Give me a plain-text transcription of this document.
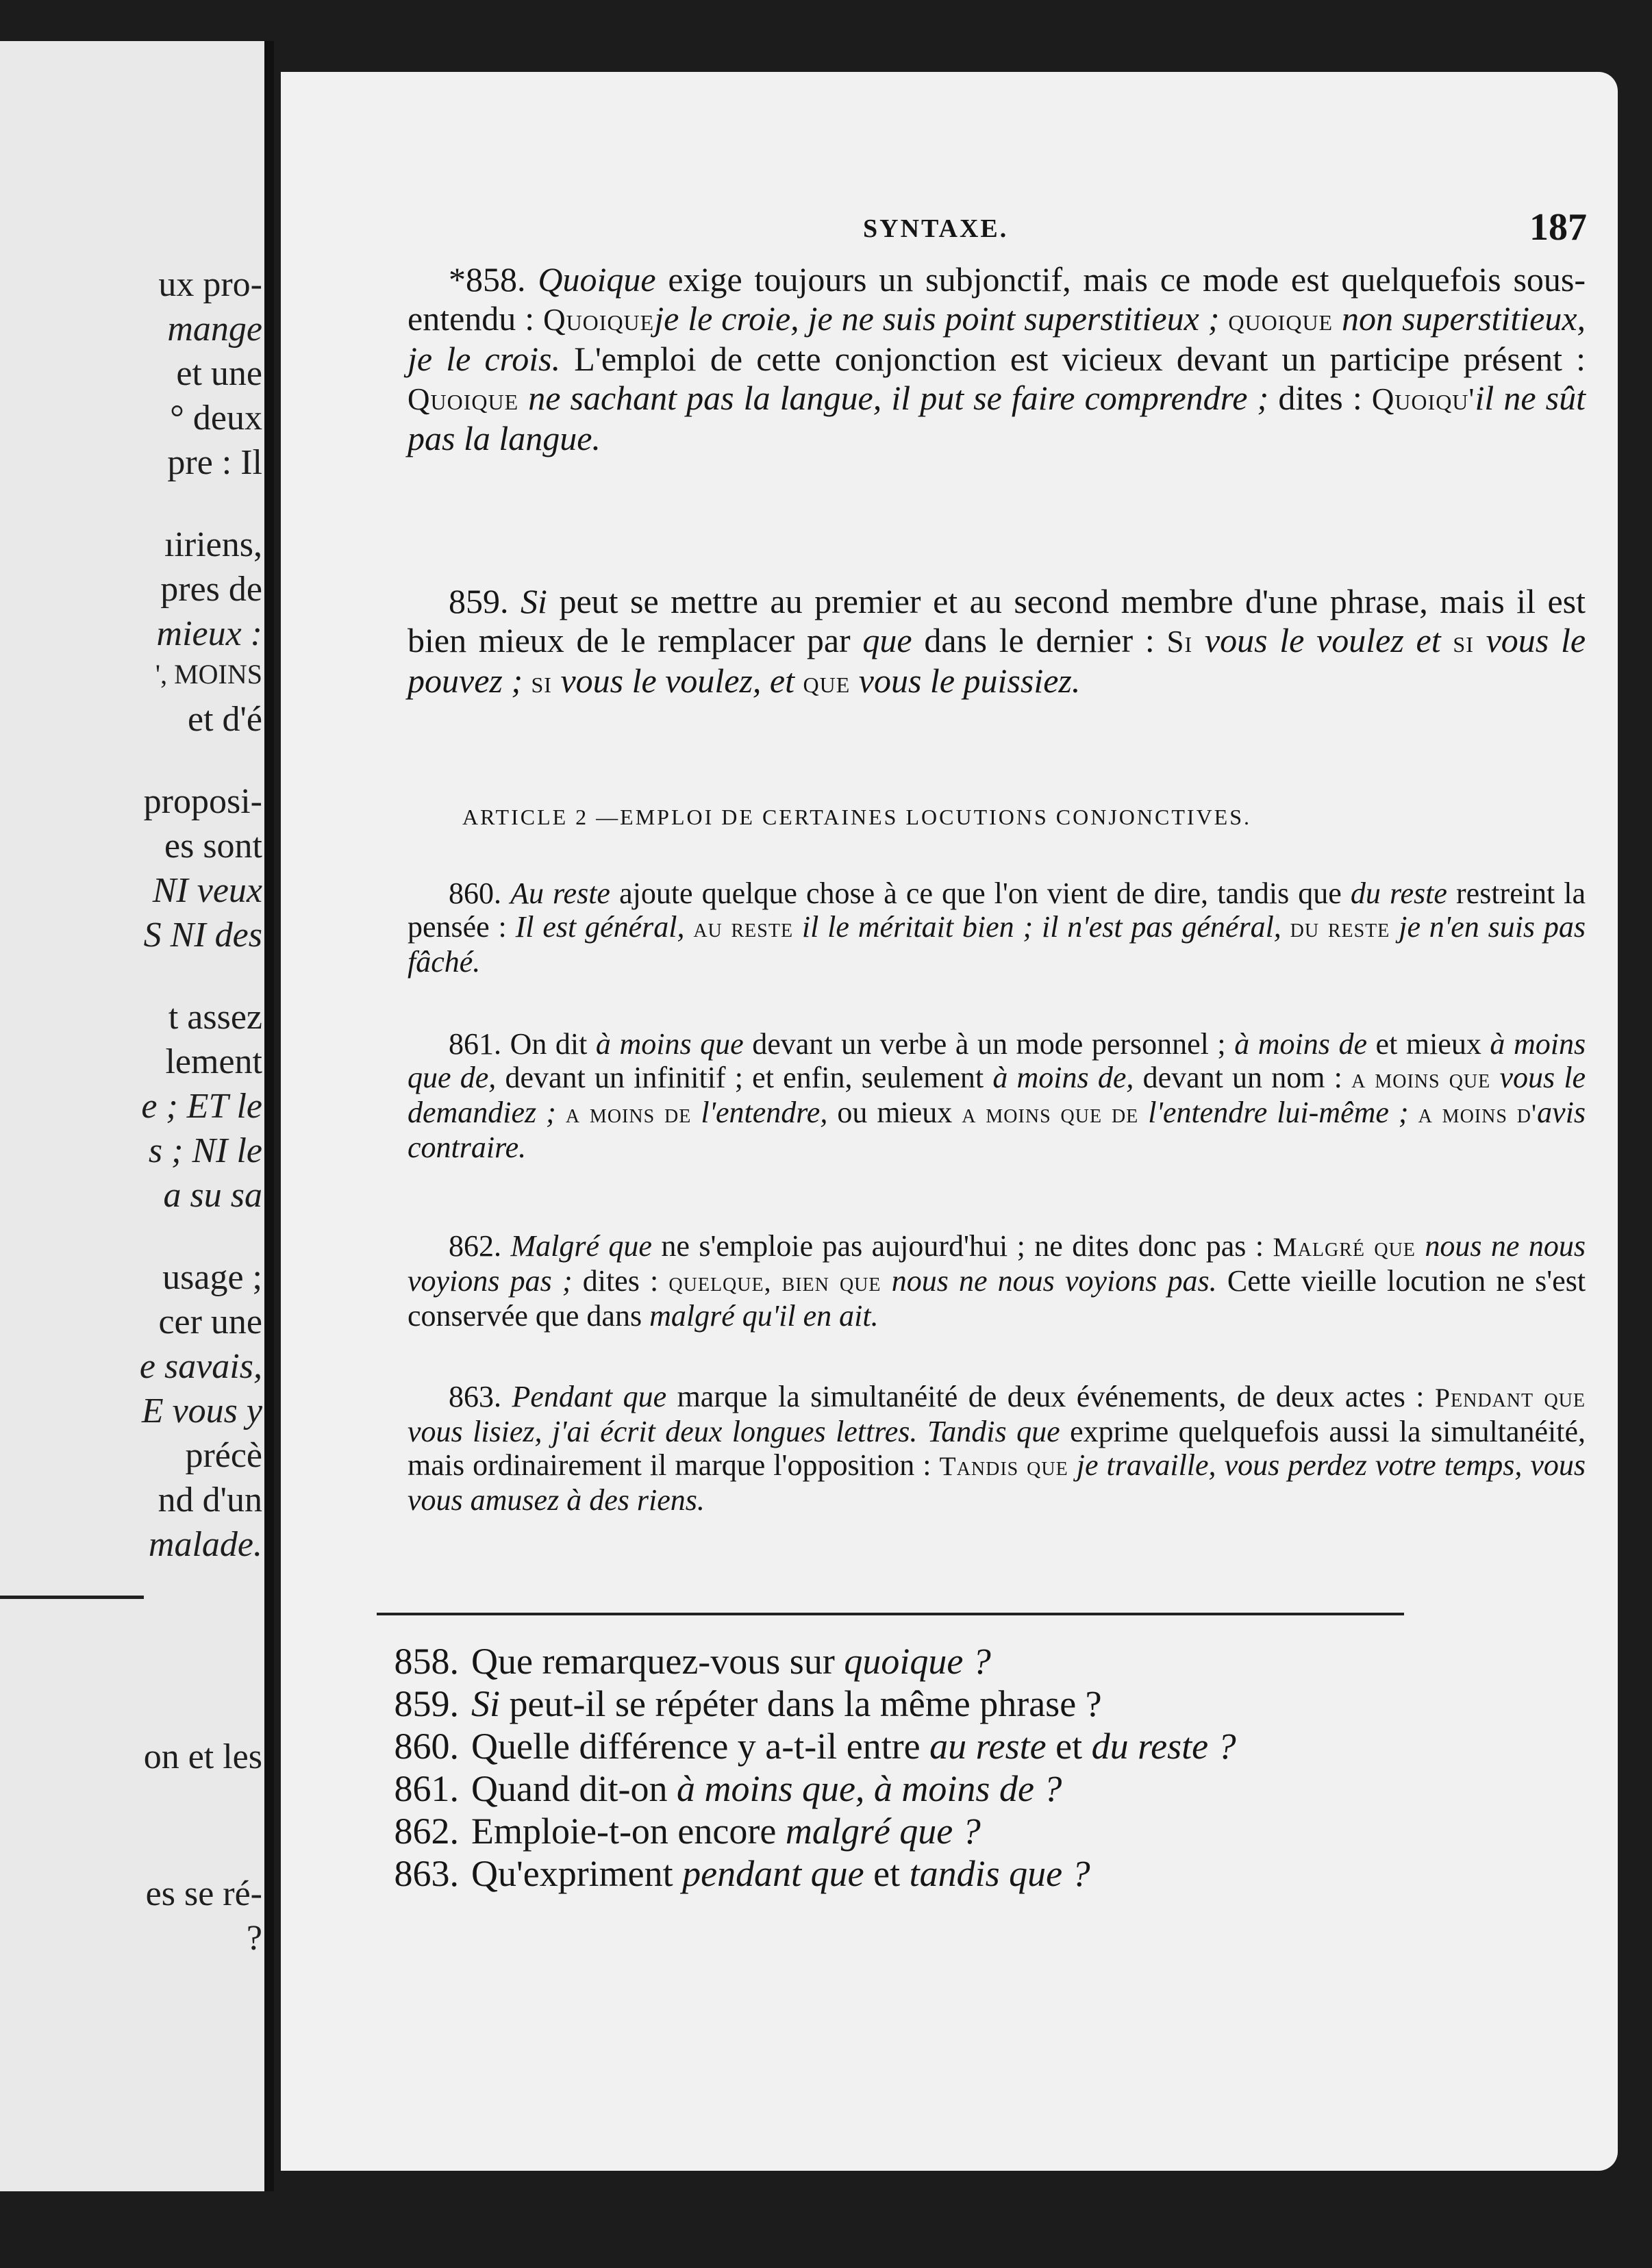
ux pro-
mange
et une
° deux
pre : Il
ıiriens,
pres de
mieux :
', MOINS
et d'é
proposi-
es sont
NI veux
S NI des
t assez
lement
e ; ET le
s ; NI le
a su sa
usage ;
cer une
e savais,
E vous y
précè
nd d'un
malade.
on et les
es se ré-
?
SYNTAXE.	187

*858. Quoique exige toujours un subjonctif, mais ce mode est quelquefois sous-entendu : Quoiqueje le croie, je ne suis point superstitieux ; quoique non superstitieux, je le crois. L'emploi de cette conjonction est vicieux devant un participe présent : Quoique ne sachant pas la langue, il put se faire comprendre ; dites : Quoiqu'il ne sût pas la langue.

859. Si peut se mettre au premier et au second membre d'une phrase, mais il est bien mieux de le remplacer par que dans le dernier : Si vous le voulez et si vous le pouvez ; si vous le voulez, et que vous le puissiez.

ARTICLE 2 —EMPLOI DE CERTAINES LOCUTIONS CONJONCTIVES.

860. Au reste ajoute quelque chose à ce que l'on vient de dire, tandis que du reste restreint la pensée : Il est général, au reste il le méritait bien ; il n'est pas général, du reste je n'en suis pas fâché.

861. On dit à moins que devant un verbe à un mode personnel ; à moins de et mieux à moins que de, devant un infinitif ; et enfin, seulement à moins de, devant un nom : a moins que vous le demandiez ; a moins de l'entendre, ou mieux a moins que de l'entendre lui-même ; a moins d'avis contraire.

862. Malgré que ne s'emploie pas aujourd'hui ; ne dites donc pas : Malgré que nous ne nous voyions pas ; dites : quelque, bien que nous ne nous voyions pas. Cette vieille locution ne s'est conservée que dans malgré qu'il en ait.

863. Pendant que marque la simultanéité de deux événements, de deux actes : Pendant que vous lisiez, j'ai écrit deux longues lettres. Tandis que exprime quelquefois aussi la simultanéité, mais ordinairement il marque l'opposition : Tandis que je travaille, vous perdez votre temps, vous vous amusez à des riens.

858. Que remarquez-vous sur quoique ?

859. Si peut-il se répéter dans la même phrase ?

860. Quelle différence y a-t-il entre au reste et du reste ?

861. Quand dit-on à moins que, à moins de ?

862. Emploie-t-on encore malgré que ?

863. Qu'expriment pendant que et tandis que ?
